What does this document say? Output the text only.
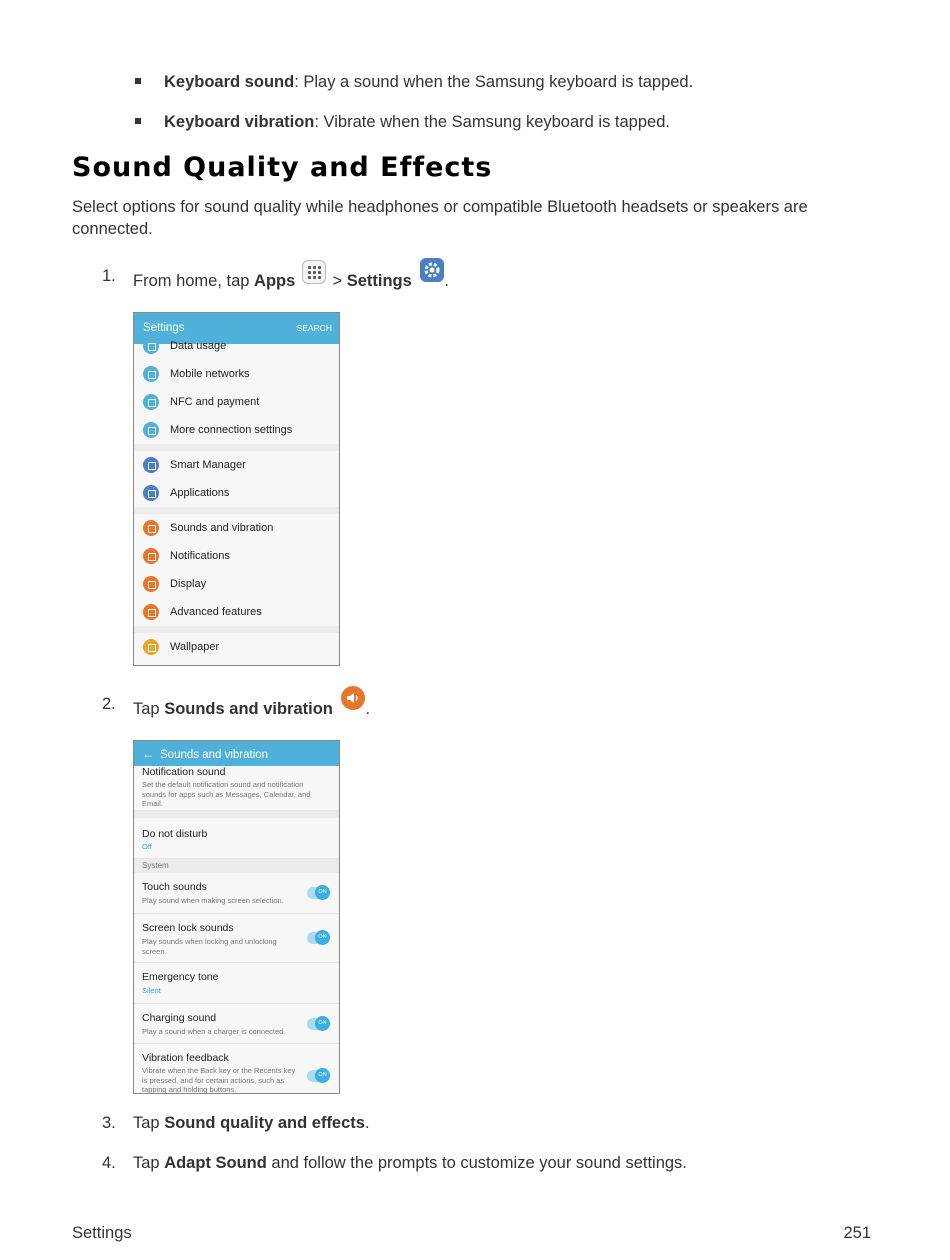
Keyboard sound: Play a sound when the Samsung keyboard is tapped.
Keyboard vibration: Vibrate when the Samsung keyboard is tapped.
Sound Quality and Effects
Select options for sound quality while headphones or compatible Bluetooth headsets or speakers are connected.
1. From home, tap Apps
> Settings .
Settings	SEARCH
Data usage
Mobile networks
NFC and payment
More connection settings
Smart Manager
Applications
Sounds and vibration
Notifications
Display
Advanced features
Wallpaper
2. Tap Sounds and vibration .
← Sounds and vibration
Notification sound
Set the default notification sound and notification sounds for apps such as Messages, Calendar, and Email.
Do not disturb
Off
System
Touch sounds
Play sound when making screen selection.
ON
Screen lock sounds
Play sounds when locking and unlocking screen.
ON
Emergency tone
Silent
Charging sound
Play a sound when a charger is connected.
ON
Vibration feedback
Vibrate when the Back key or the Recents key is pressed, and for certain actions, such as tapping and holding buttons.
ON
3. Tap Sound quality and effects.
4. Tap Adapt Sound and follow the prompts to customize your sound settings.
Settings	251
